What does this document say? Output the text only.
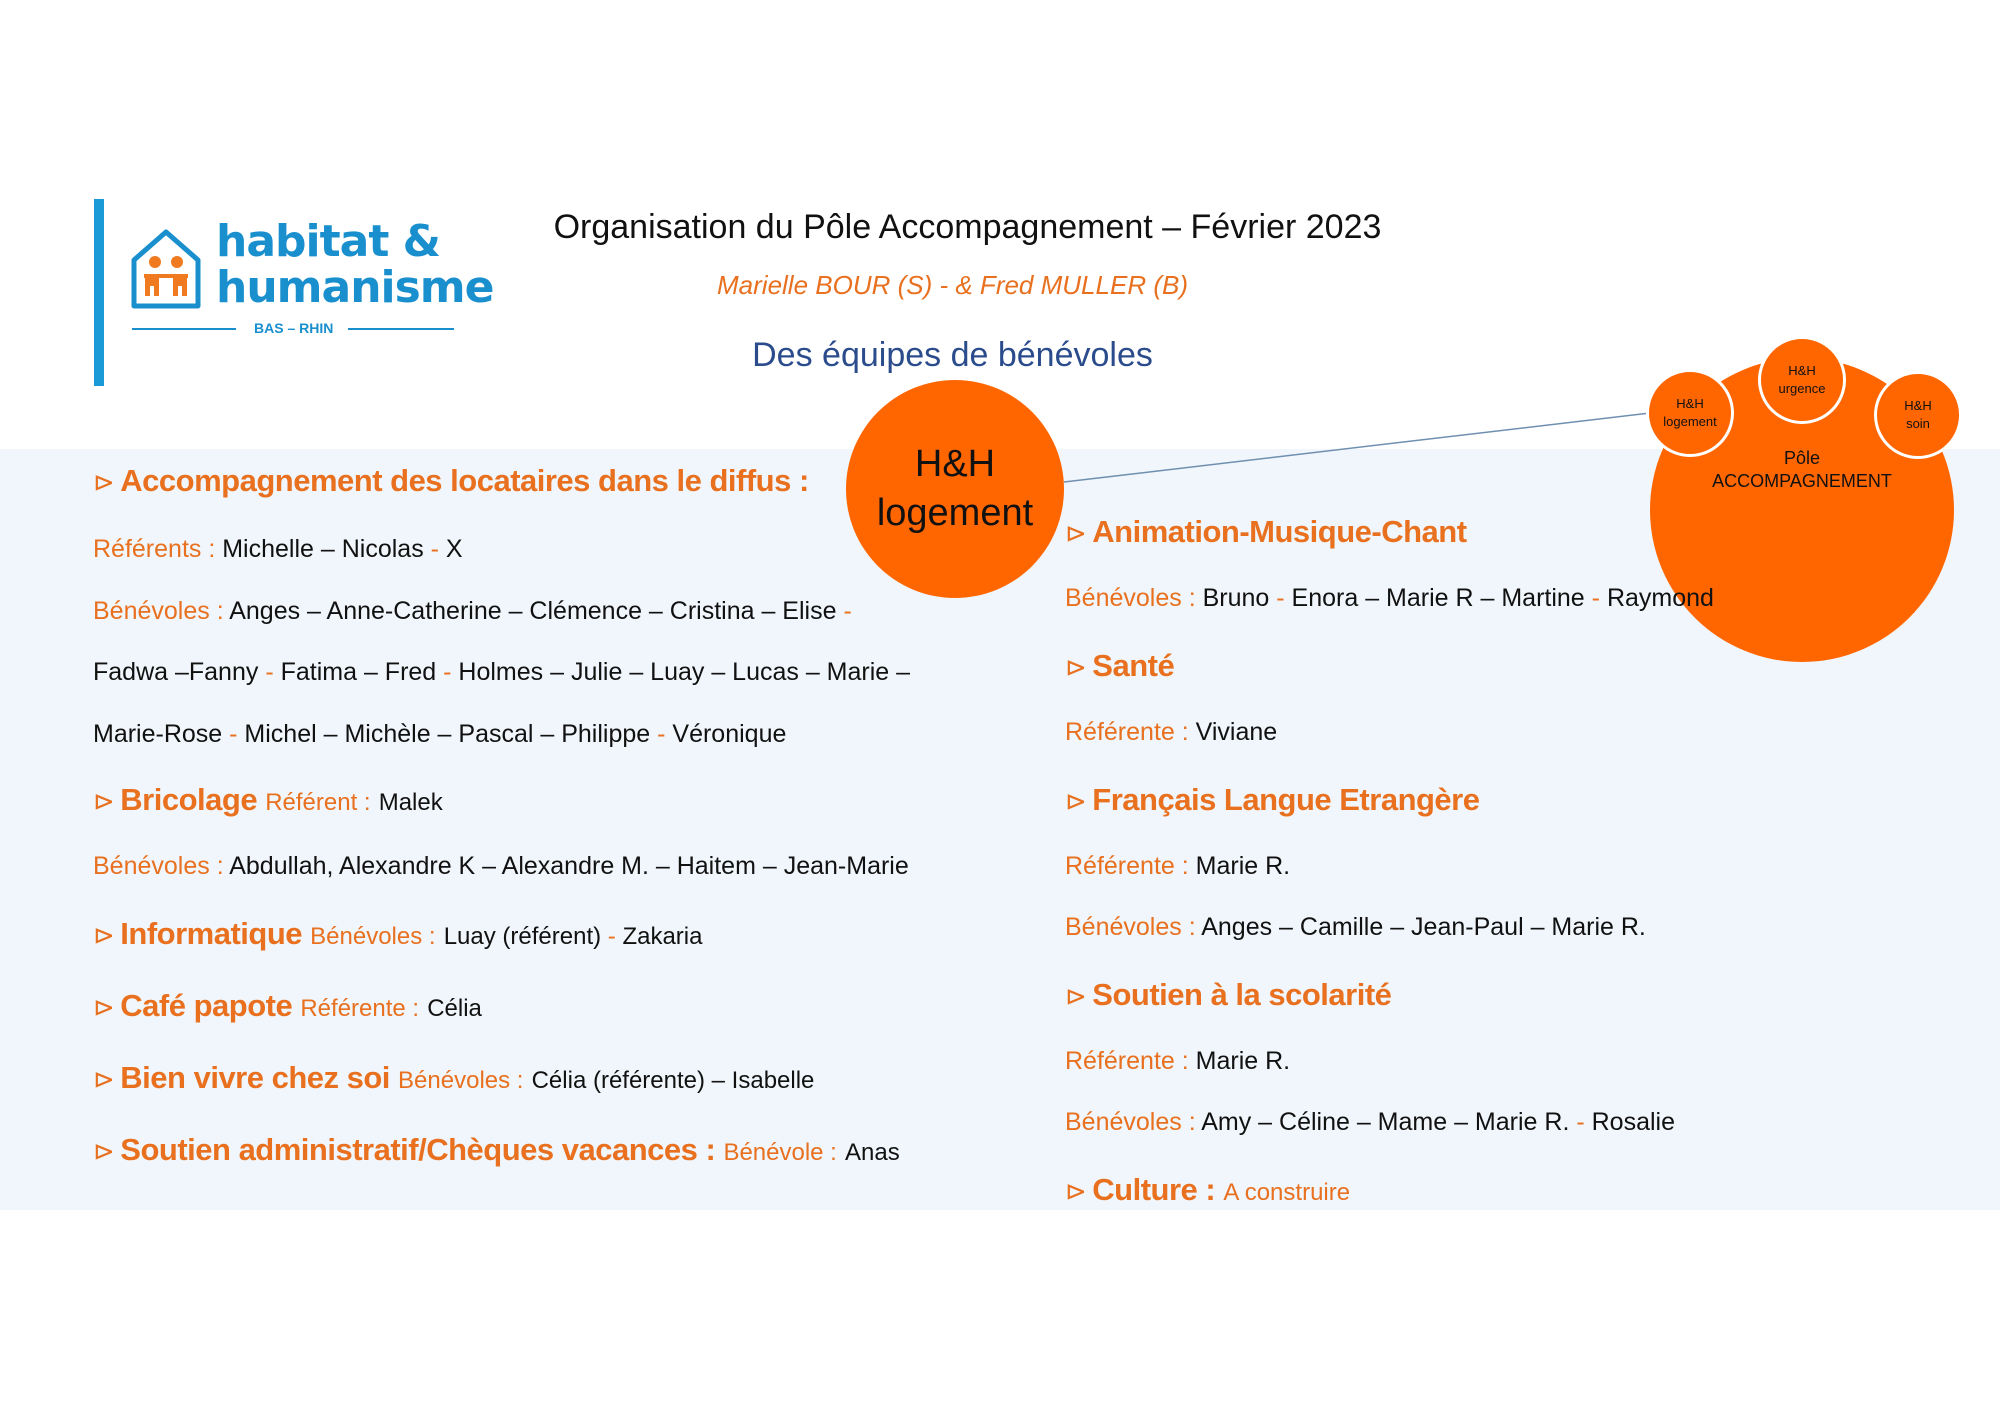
habitat &
humanisme
BAS – RHIN
Organisation du Pôle Accompagnement – Février 2023
Marielle BOUR (S) - & Fred MULLER (B)
Des équipes de bénévoles
H&H
logement
Pôle
ACCOMPAGNEMENT
H&H
logement
H&H
urgence
H&H
soin
⊳ Accompagnement des locataires dans le diffus :
Référents : Michelle – Nicolas - X
Bénévoles : Anges – Anne-Catherine – Clémence – Cristina – Elise -
Fadwa –Fanny - Fatima – Fred - Holmes – Julie – Luay – Lucas – Marie –
Marie-Rose - Michel – Michèle – Pascal – Philippe - Véronique
⊳ Bricolage Référent : Malek
Bénévoles : Abdullah, Alexandre K – Alexandre M. – Haitem – Jean-Marie
⊳ Informatique Bénévoles : Luay (référent) - Zakaria
⊳ Café papote Référente : Célia
⊳ Bien vivre chez soi Bénévoles : Célia (référente) – Isabelle
⊳ Soutien administratif/Chèques vacances : Bénévole : Anas
⊳ Animation-Musique-Chant
Bénévoles : Bruno - Enora – Marie R – Martine - Raymond
⊳ Santé
Référente : Viviane
⊳ Français Langue Etrangère
Référente : Marie R.
Bénévoles : Anges – Camille – Jean-Paul – Marie R.
⊳ Soutien à la scolarité
Référente : Marie R.
Bénévoles : Amy – Céline – Mame – Marie R. - Rosalie
⊳ Culture : A construire
